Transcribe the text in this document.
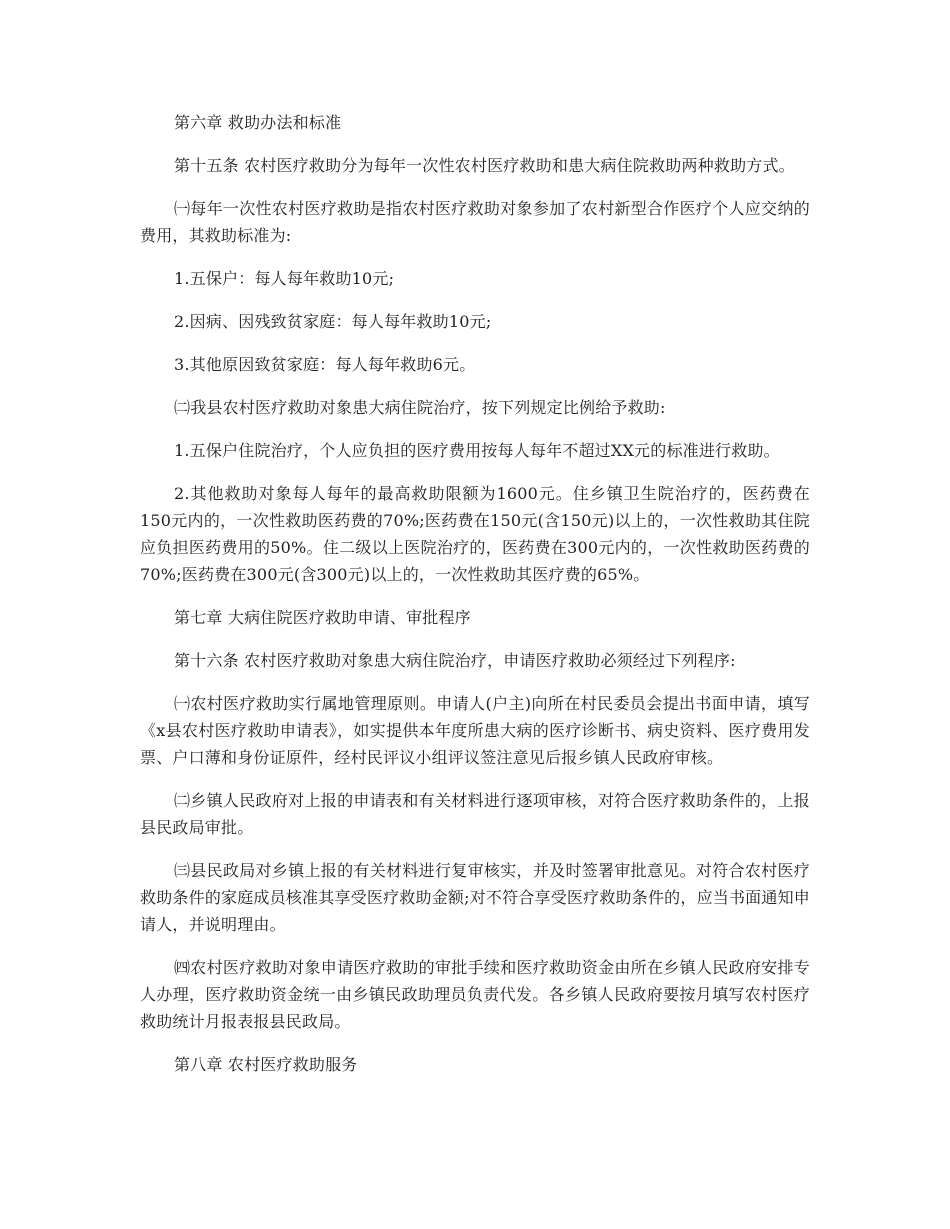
第六章 救助办法和标准

第十五条 农村医疗救助分为每年一次性农村医疗救助和患大病住院救助两种救助方式。

㈠每年一次性农村医疗救助是指农村医疗救助对象参加了农村新型合作医疗个人应交纳的费用，其救助标准为:

1.五保户：每人每年救助10元;

2.因病、因残致贫家庭：每人每年救助10元;

3.其他原因致贫家庭：每人每年救助6元。

㈡我县农村医疗救助对象患大病住院治疗，按下列规定比例给予救助:

1.五保户住院治疗，个人应负担的医疗费用按每人每年不超过XX元的标准进行救助。

2.其他救助对象每人每年的最高救助限额为1600元。住乡镇卫生院治疗的，医药费在150元内的，一次性救助医药费的70%;医药费在150元(含150元)以上的，一次性救助其住院应负担医药费用的50%。住二级以上医院治疗的，医药费在300元内的，一次性救助医药费的70%;医药费在300元(含300元)以上的，一次性救助其医疗费的65%。

第七章 大病住院医疗救助申请、审批程序

第十六条 农村医疗救助对象患大病住院治疗，申请医疗救助必须经过下列程序:

㈠农村医疗救助实行属地管理原则。申请人(户主)向所在村民委员会提出书面申请，填写《x县农村医疗救助申请表》，如实提供本年度所患大病的医疗诊断书、病史资料、医疗费用发票、户口薄和身份证原件，经村民评议小组评议签注意见后报乡镇人民政府审核。

㈡乡镇人民政府对上报的申请表和有关材料进行逐项审核，对符合医疗救助条件的，上报县民政局审批。

㈢县民政局对乡镇上报的有关材料进行复审核实，并及时签署审批意见。对符合农村医疗救助条件的家庭成员核准其享受医疗救助金额;对不符合享受医疗救助条件的，应当书面通知申请人，并说明理由。

㈣农村医疗救助对象申请医疗救助的审批手续和医疗救助资金由所在乡镇人民政府安排专人办理，医疗救助资金统一由乡镇民政助理员负责代发。各乡镇人民政府要按月填写农村医疗救助统计月报表报县民政局。

第八章 农村医疗救助服务
